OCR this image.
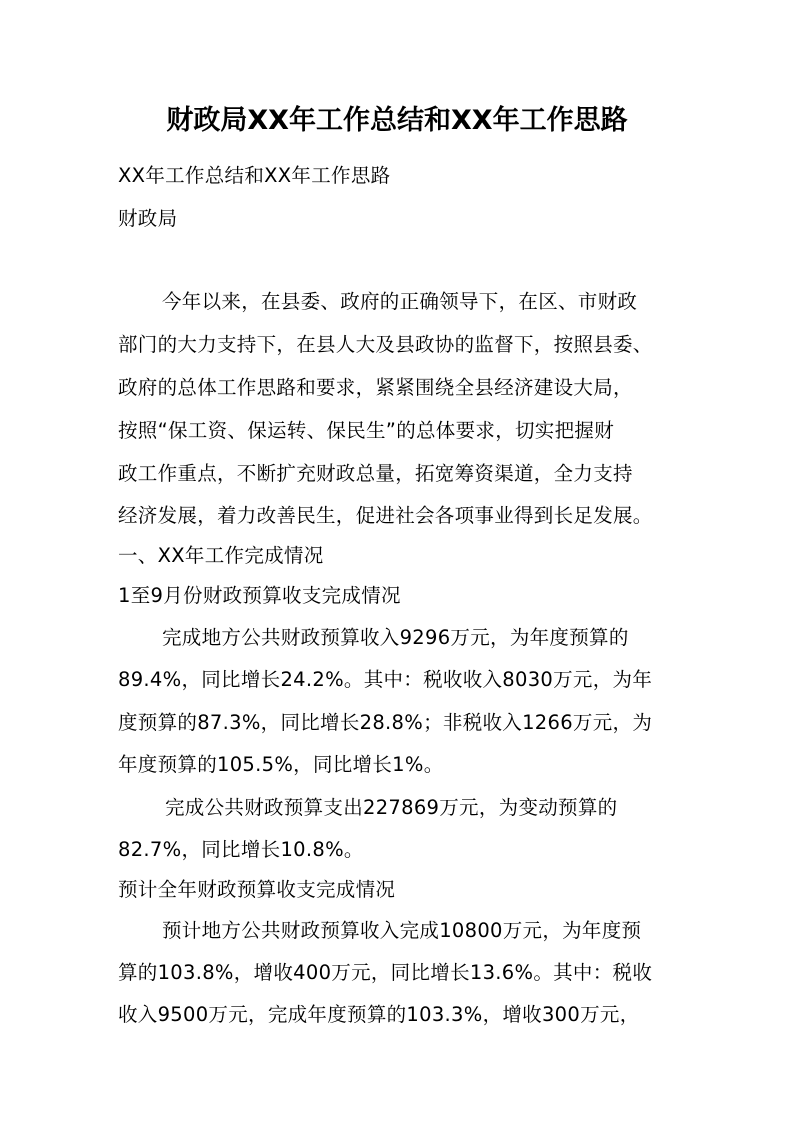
财政局XX年工作总结和XX年工作思路
XX年工作总结和XX年工作思路
财政局
今年以来，在县委、政府的正确领导下，在区、市财政
部门的大力支持下，在县人大及县政协的监督下，按照县委、
政府的总体工作思路和要求，紧紧围绕全县经济建设大局，
按照“保工资、保运转、保民生”的总体要求，切实把握财
政工作重点，不断扩充财政总量，拓宽筹资渠道，全力支持
经济发展，着力改善民生，促进社会各项事业得到长足发展。
一、XX年工作完成情况
1至9月份财政预算收支完成情况
完成地方公共财政预算收入9296万元，为年度预算的
89.4%，同比增长24.2%。其中：税收收入8030万元，为年
度预算的87.3%，同比增长28.8%；非税收入1266万元，为
年度预算的105.5%，同比增长1%。
完成公共财政预算支出227869万元，为变动预算的
82.7%，同比增长10.8%。
预计全年财政预算收支完成情况
预计地方公共财政预算收入完成10800万元，为年度预
算的103.8%，增收400万元，同比增长13.6%。其中：税收
收入9500万元，完成年度预算的103.3%，增收300万元，
